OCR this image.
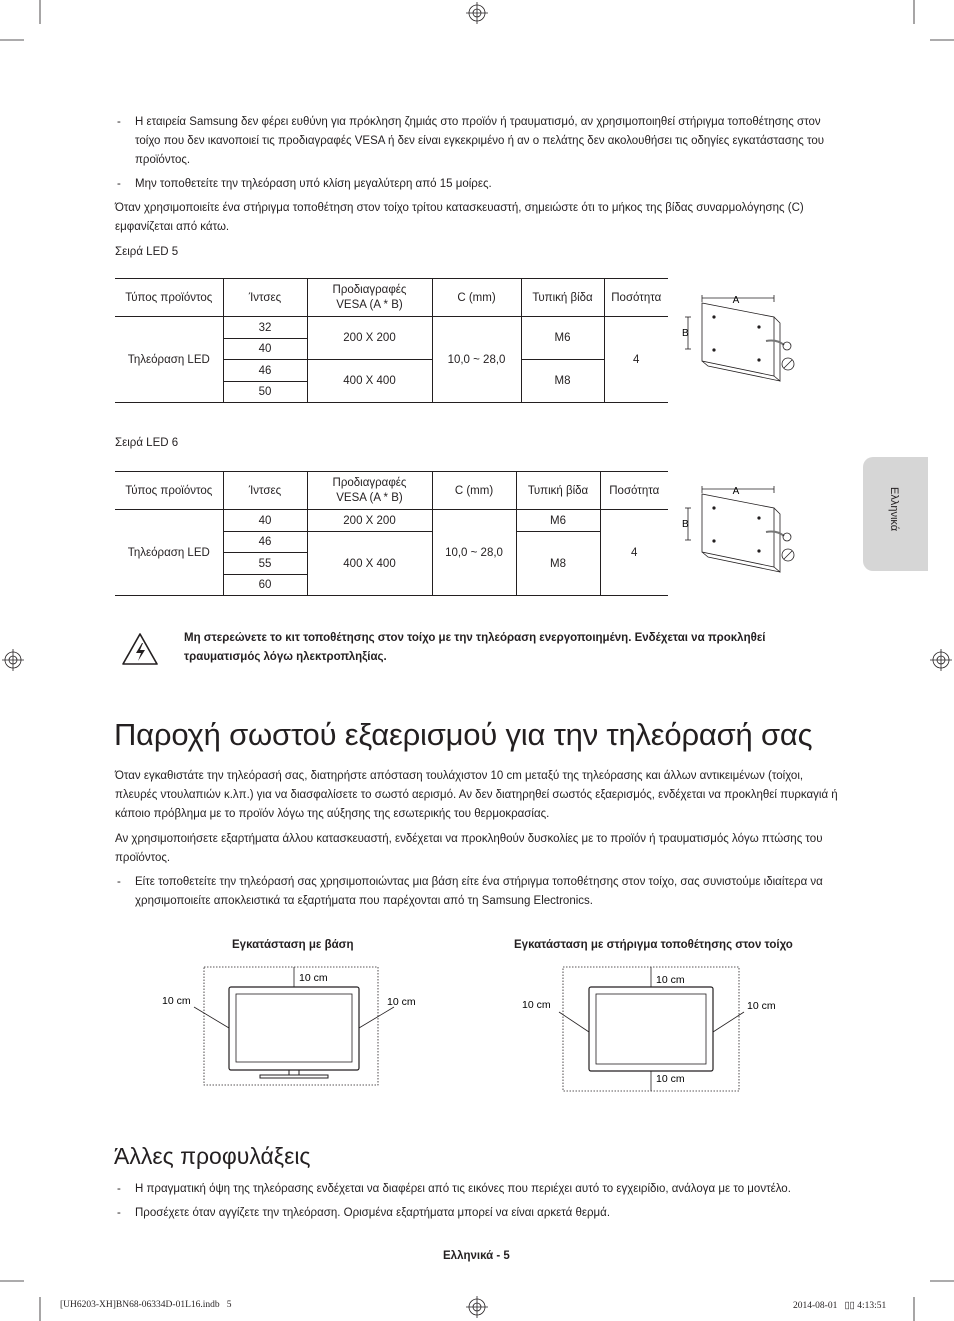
- Η εταιρεία Samsung δεν φέρει ευθύνη για πρόκληση ζημιάς στο προϊόν ή τραυματισμό, αν χρησιμοποιηθεί στήριγμα τοποθέτησης στον τοίχο που δεν ικανοποιεί τις προδιαγραφές VESA ή δεν είναι εγκεκριμένο ή αν ο πελάτης δεν ακολουθήσει τις οδηγίες εγκατάστασης του προϊόντος.
- Μην τοποθετείτε την τηλεόραση υπό κλίση μεγαλύτερη από 15 μοίρες.
Όταν χρησιμοποιείτε ένα στήριγμα τοποθέτηση στον τοίχο τρίτου κατασκευαστή, σημειώστε ότι το μήκος της βίδας συναρμολόγησης (C) εμφανίζεται από κάτω.
Σειρά LED 5
Τύπος προϊόντος	Ίντσες	Προδιαγραφές VESA (A * B)	C (mm)	Τυπική βίδα	Ποσότητα
Τηλεόραση LED	32	200 X 200	10,0 ~ 28,0	M6	4
	40				
	46	400 X 400		M8	
	50				
A
B
Σειρά LED 6
Τύπος προϊόντος	Ίντσες	Προδιαγραφές VESA (A * B)	C (mm)	Τυπική βίδα	Ποσότητα
Τηλεόραση LED	40	200 X 200	10,0 ~ 28,0	M6	4
	46	400 X 400		M8	
	55				
	60				
A
B	Ελληνικά
Μη στερεώνετε το κιτ τοποθέτησης στον τοίχο με την τηλεόραση ενεργοποιημένη. Ενδέχεται να προκληθεί τραυματισμός λόγω ηλεκτροπληξίας.
Παροχή σωστού εξαερισμού για την τηλεόρασή σας
Όταν εγκαθιστάτε την τηλεόρασή σας, διατηρήστε απόσταση τουλάχιστον 10 cm μεταξύ της τηλεόρασης και άλλων αντικειμένων (τοίχοι, πλευρές ντουλαπιών κ.λπ.) για να διασφαλίσετε το σωστό αερισμό. Αν δεν διατηρηθεί σωστός εξαερισμός, ενδέχεται να προκληθεί πυρκαγιά ή κάποιο πρόβλημα με το προϊόν λόγω της αύξησης της εσωτερικής του θερμοκρασίας.
Αν χρησιμοποιήσετε εξαρτήματα άλλου κατασκευαστή, ενδέχεται να προκληθούν δυσκολίες με το προϊόν ή τραυματισμός λόγω πτώσης του προϊόντος.
- Είτε τοποθετείτε την τηλεόρασή σας χρησιμοποιώντας μια βάση είτε ένα στήριγμα τοποθέτησης στον τοίχο, σας συνιστούμε ιδιαίτερα να χρησιμοποιείτε αποκλειστικά τα εξαρτήματα που παρέχονται από τη Samsung Electronics.
Εγκατάσταση με βάση	Εγκατάσταση με στήριγμα τοποθέτησης στον τοίχο
10 cm
10 cm	10 cm
10 cm
10 cm
10 cm	10 cm
Άλλες προφυλάξεις
- Η πραγματική όψη της τηλεόρασης ενδέχεται να διαφέρει από τις εικόνες που περιέχει αυτό το εγχειρίδιο, ανάλογα με το μοντέλο.
- Προσέχετε όταν αγγίζετε την τηλεόραση. Ορισμένα εξαρτήματα μπορεί να είναι αρκετά θερμά.
Ελληνικά - 5
[UH6203-XH]BN68-06334D-01L16.indb   5	2014-08-01   ▯▯ 4:13:51
